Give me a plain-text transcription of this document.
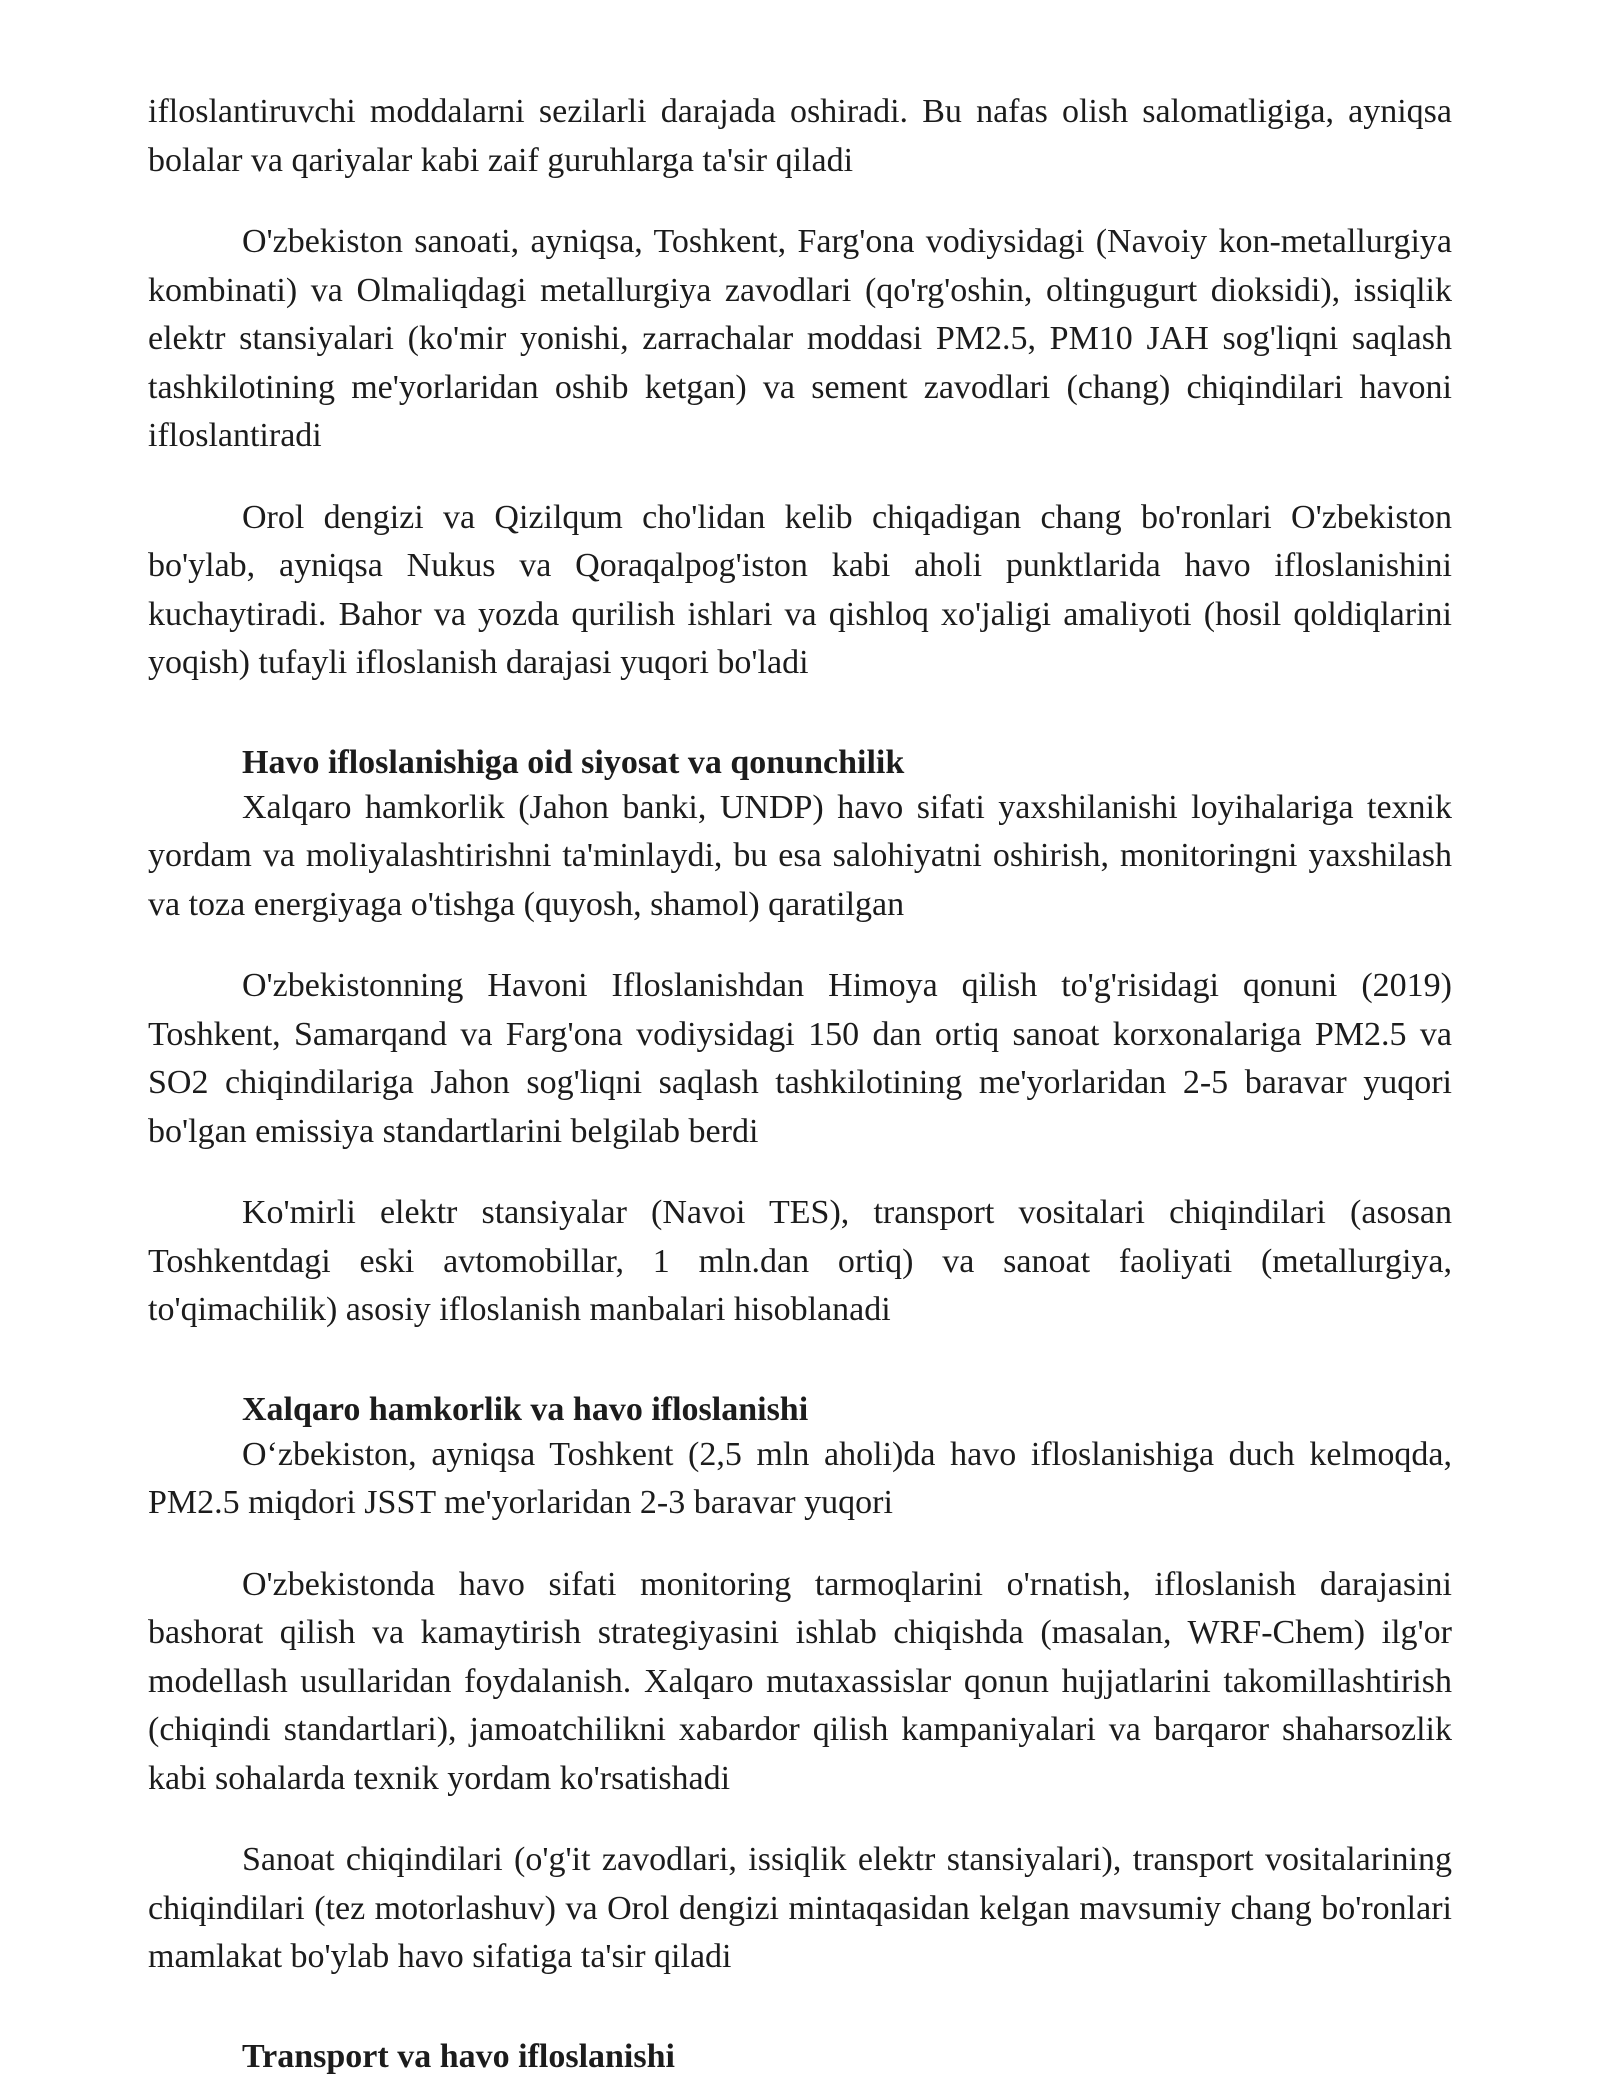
ifloslantiruvchi moddalarni sezilarli darajada oshiradi. Bu nafas olish salomatligiga, ayniqsa bolalar va qariyalar kabi zaif guruhlarga ta'sir qiladi

O'zbekiston sanoati, ayniqsa, Toshkent, Farg'ona vodiysidagi (Navoiy kon-metallurgiya kombinati) va Olmaliqdagi metallurgiya zavodlari (qo'rg'oshin, oltingugurt dioksidi), issiqlik elektr stansiyalari (ko'mir yonishi, zarrachalar moddasi PM2.5, PM10 JAH sog'liqni saqlash tashkilotining me'yorlaridan oshib ketgan) va sement zavodlari (chang) chiqindilari havoni ifloslantiradi

Orol dengizi va Qizilqum cho'lidan kelib chiqadigan chang bo'ronlari O'zbekiston bo'ylab, ayniqsa Nukus va Qoraqalpog'iston kabi aholi punktlarida havo ifloslanishini kuchaytiradi. Bahor va yozda qurilish ishlari va qishloq xo'jaligi amaliyoti (hosil qoldiqlarini yoqish) tufayli ifloslanish darajasi yuqori bo'ladi

Havo ifloslanishiga oid siyosat va qonunchilik

Xalqaro hamkorlik (Jahon banki, UNDP) havo sifati yaxshilanishi loyihalariga texnik yordam va moliyalashtirishni ta'minlaydi, bu esa salohiyatni oshirish, monitoringni yaxshilash va toza energiyaga o'tishga (quyosh, shamol) qaratilgan

O'zbekistonning Havoni Ifloslanishdan Himoya qilish to'g'risidagi qonuni (2019) Toshkent, Samarqand va Farg'ona vodiysidagi 150 dan ortiq sanoat korxonalariga PM2.5 va SO2 chiqindilariga Jahon sog'liqni saqlash tashkilotining me'yorlaridan 2-5 baravar yuqori bo'lgan emissiya standartlarini belgilab berdi

Ko'mirli elektr stansiyalar (Navoi TES), transport vositalari chiqindilari (asosan Toshkentdagi eski avtomobillar, 1 mln.dan ortiq) va sanoat faoliyati (metallurgiya, to'qimachilik) asosiy ifloslanish manbalari hisoblanadi

Xalqaro hamkorlik va havo ifloslanishi

O‘zbekiston, ayniqsa Toshkent (2,5 mln aholi)da havo ifloslanishiga duch kelmoqda, PM2.5 miqdori JSST me'yorlaridan 2-3 baravar yuqori

O'zbekistonda havo sifati monitoring tarmoqlarini o'rnatish, ifloslanish darajasini bashorat qilish va kamaytirish strategiyasini ishlab chiqishda (masalan, WRF-Chem) ilg'or modellash usullaridan foydalanish. Xalqaro mutaxassislar qonun hujjatlarini takomillashtirish (chiqindi standartlari), jamoatchilikni xabardor qilish kampaniyalari va barqaror shaharsozlik kabi sohalarda texnik yordam ko'rsatishadi

Sanoat chiqindilari (o'g'it zavodlari, issiqlik elektr stansiyalari), transport vositalarining chiqindilari (tez motorlashuv) va Orol dengizi mintaqasidan kelgan mavsumiy chang bo'ronlari mamlakat bo'ylab havo sifatiga ta'sir qiladi

Transport va havo ifloslanishi
